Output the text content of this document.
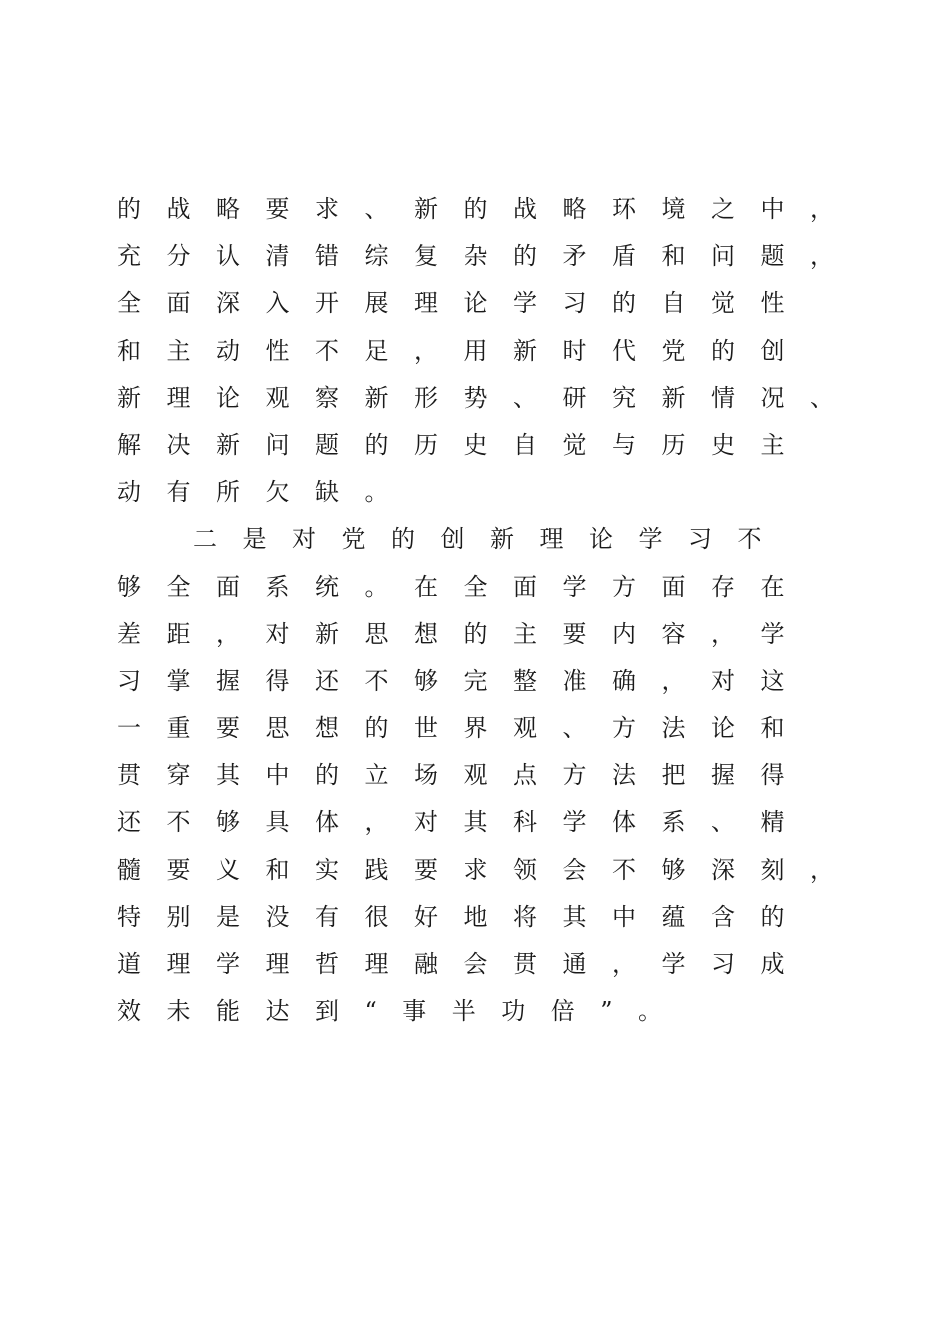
的战略要求、新的战略环境之中，
充分认清错综复杂的矛盾和问题，
全面深入开展理论学习的自觉性
和主动性不足，用新时代党的创
新理论观察新形势、研究新情况、
解决新问题的历史自觉与历史主
动有所欠缺。
二是对党的创新理论学习不
够全面系统。在全面学方面存在
差距，对新思想的主要内容，学
习掌握得还不够完整准确，对这
一重要思想的世界观、方法论和
贯穿其中的立场观点方法把握得
还不够具体，对其科学体系、精
髓要义和实践要求领会不够深刻，
特别是没有很好地将其中蕴含的
道理学理哲理融会贯通，学习成
效未能达到“事半功倍”。
